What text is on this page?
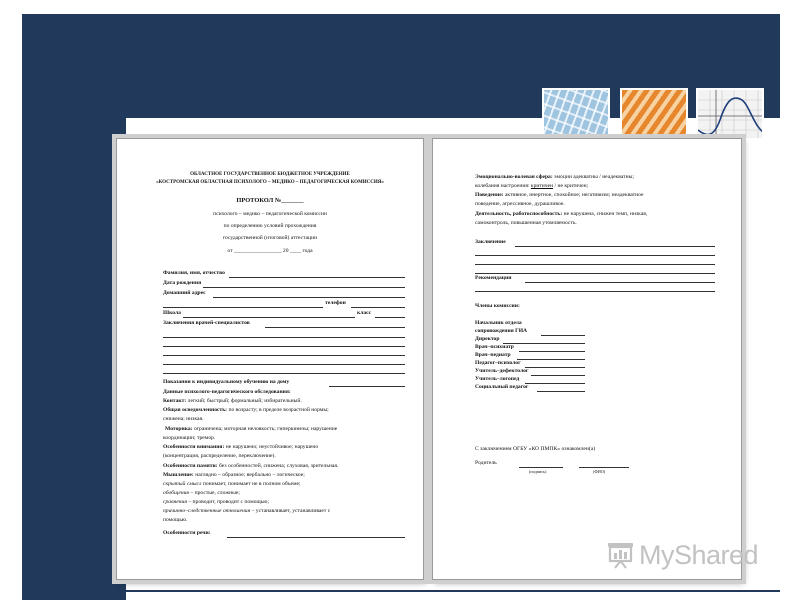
ОБЛАСТНОЕ ГОСУДАРСТВЕННОЕ БЮДЖЕТНОЕ УЧРЕЖДЕНИЕ
«КОСТРОМСКАЯ ОБЛАСТНАЯ ПСИХОЛОГО – МЕДИКО – ПЕДАГОГИЧЕСКАЯ КОМИССИЯ»
ПРОТОКОЛ №_______
психолого – медико – педагогической комиссии
по определению условий прохождения
государственной (итоговой) аттестации
от _________________ 20 ____ года
Фамилия, имя, отчество
Дата рождения
Домашний адрес
телефон
Школа	класс
Заключения врачей-специалистов
Показания к индивидуальному обучению на дому
Данные психолого-педагогического обследования:
Контакт: легкий; быстрый; формальный; избирательный.
Общая осведомленность: по возрасту; в пределе возрастной нормы;
снижена; низкая.
Моторика: ограничена; моторная неловкость; гиперкинезы; нарушение
координации; тремор.
Особенности внимания: не нарушено; неустойчивое; нарушено
(концентрация, распределение, переключение).
Особенности памяти: без особенностей, снижена; слуховая, зрительная.
Мышление: наглядно – образное; вербально – логическое;
скрытый смысл понимает, понимает не в полном объеме;
обобщения – простые, сложные;
сравнения – проводит, проводит с помощью;
причинно–следственные отношения – устанавливает, устанавливает с
помощью.
Особенности речи:
Эмоционально-волевая сфера: эмоции адекватны / неадекватны;
колебания настроения: критичен / не критичен;
Поведение: активное, инертное, спокойное; негативизм; неадекватное
поведение, агрессивное, дурашливое.
Деятельность, работоспособность: не нарушена, снижен темп, низкая,
самоконтроль, повышенная утомляемость.
Заключение
Рекомендации
Члены комиссии:
Начальник отдела
сопровождения ГИА
Директор
Врач–психиатр
Врач–педиатр
Педагог–психолог
Учитель–дефектолог
Учитель–логопед
Социальный педагог
С заключением ОГБУ «КО ПМПК» ознакомлен(а)
Родитель
(подпись)	(ФИО)
MyShared
